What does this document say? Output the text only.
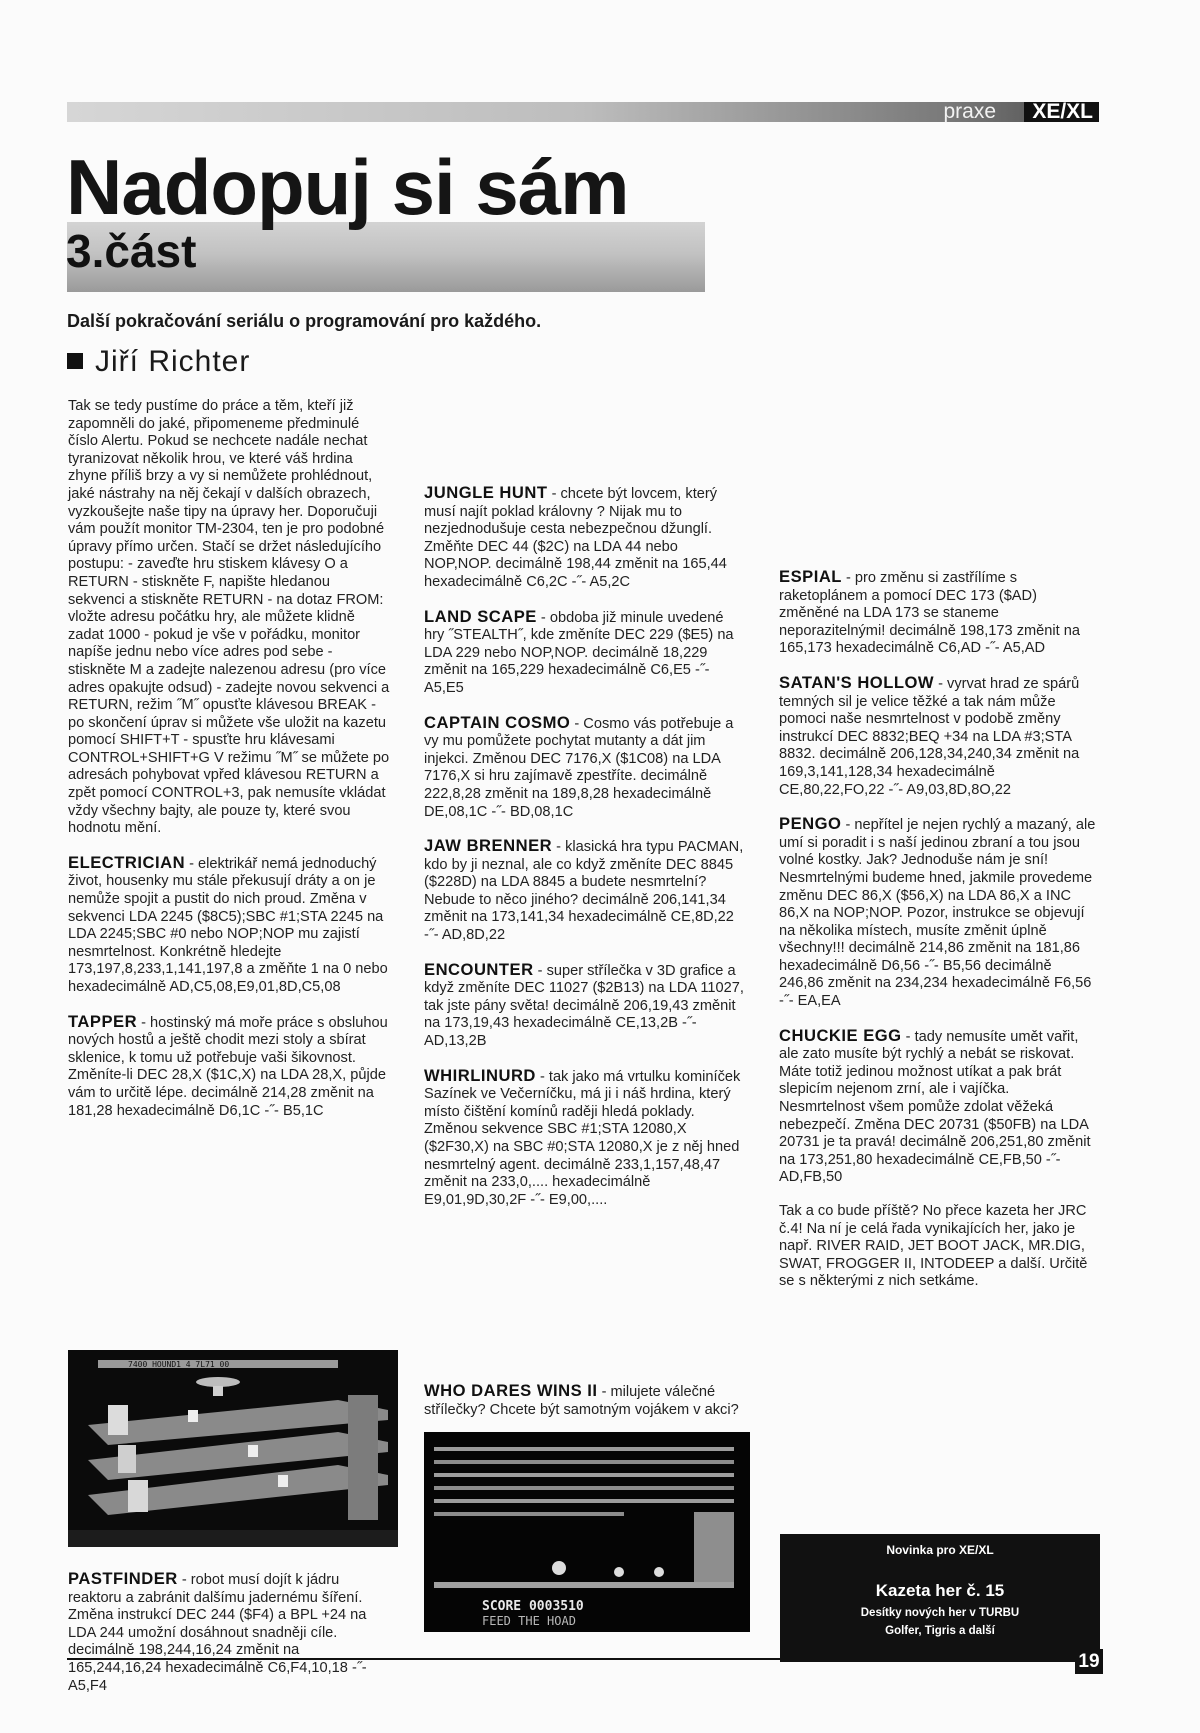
praxe	XE/XL
Nadopuj si sám
3.část
Další pokračování seriálu o programování pro každého.
Jiří Richter

Tak se tedy pustíme do práce a těm, kteří již zapomněli do jaké, připomeneme předminulé číslo Alertu. Pokud se nechcete nadále nechat tyranizovat několik hrou, ve které váš hrdina zhyne příliš brzy a vy si nemůžete prohlédnout, jaké nástrahy na něj čekají v dalších obrazech, vyzkoušejte naše tipy na úpravy her. Doporučuji vám použít monitor TM-2304, ten je pro podobné úpravy přímo určen. Stačí se držet následujícího postupu: - zaveďte hru stiskem klávesy O a RETURN - stiskněte F, napište hledanou sekvenci a stiskněte RETURN - na dotaz FROM: vložte adresu počátku hry, ale můžete klidně zadat 1000 - pokud je vše v pořádku, monitor napíše jednu nebo více adres pod sebe - stiskněte M a zadejte nalezenou adresu (pro více adres opakujte odsud) - zadejte novou sekvenci a RETURN, režim ˝M˝ opusťte klávesou BREAK - po skončení úprav si můžete vše uložit na kazetu pomocí SHIFT+T - spusťte hru klávesami CONTROL+SHIFT+G V režimu ˝M˝ se můžete po adresách pohybovat vpřed klávesou RETURN a zpět pomocí CONTROL+3, pak nemusíte vkládat vždy všechny bajty, ale pouze ty, které svou hodnotu mění.

ELECTRICIAN - elektrikář nemá jednoduchý život, housenky mu stále překusují dráty a on je nemůže spojit a pustit do nich proud. Změna v sekvenci LDA 2245 ($8C5);SBC #1;STA 2245 na LDA 2245;SBC #0 nebo NOP;NOP mu zajistí nesmrtelnost. Konkrétně hledejte 173,197,8,233,1,141,197,8 a změňte 1 na 0 nebo hexadecimálně AD,C5,08,E9,01,8D,C5,08

TAPPER - hostinský má moře práce s obsluhou nových hostů a ještě chodit mezi stoly a sbírat sklenice, k tomu už potřebuje vaši šikovnost. Změníte-li DEC 28,X ($1C,X) na LDA 28,X, půjde vám to určitě lépe. decimálně 214,28 změnit na 181,28 hexadecimálně D6,1C -˝- B5,1C

7400 HOUND1 4 7L71 00

PASTFINDER - robot musí dojít k jádru reaktoru a zabránit dalšímu jadernému šíření. Změna instrukcí DEC 244 ($F4) a BPL +24 na LDA 244 umožní dosáhnout snadněji cíle. decimálně 198,244,16,24 změnit na 165,244,16,24 hexadecimálně C6,F4,10,18 -˝- A5,F4

JUNGLE HUNT - chcete být lovcem, který musí najít poklad královny ? Nijak mu to nezjednodušuje cesta nebezpečnou džunglí. Změňte DEC 44 ($2C) na LDA 44 nebo NOP,NOP. decimálně 198,44 změnit na 165,44 hexadecimálně C6,2C -˝- A5,2C

LAND SCAPE - obdoba již minule uvedené hry ˝STEALTH˝, kde změníte DEC 229 ($E5) na LDA 229 nebo NOP,NOP. decimálně 18,229 změnit na 165,229 hexadecimálně C6,E5 -˝- A5,E5

CAPTAIN COSMO - Cosmo vás potřebuje a vy mu pomůžete pochytat mutanty a dát jim injekci. Změnou DEC 7176,X ($1C08) na LDA 7176,X si hru zajímavě zpestříte. decimálně 222,8,28 změnit na 189,8,28 hexadecimálně DE,08,1C -˝- BD,08,1C

JAW BRENNER - klasická hra typu PACMAN, kdo by ji neznal, ale co když změníte DEC 8845 ($228D) na LDA 8845 a budete nesmrtelní? Nebude to něco jiného? decimálně 206,141,34 změnit na 173,141,34 hexadecimálně CE,8D,22 -˝- AD,8D,22

ENCOUNTER - super střílečka v 3D grafice a když změníte DEC 11027 ($2B13) na LDA 11027, tak jste pány světa! decimálně 206,19,43 změnit na 173,19,43 hexadecimálně CE,13,2B -˝- AD,13,2B

WHIRLINURD - tak jako má vrtulku kominíček Sazínek ve Večerníčku, má ji i náš hrdina, který místo čištění komínů raději hledá poklady. Změnou sekvence SBC #1;STA 12080,X ($2F30,X) na SBC #0;STA 12080,X je z něj hned nesmrtelný agent. decimálně 233,1,157,48,47 změnit na 233,0,.... hexadecimálně E9,01,9D,30,2F -˝- E9,00,....

SCORE 0003510
FEED THE HOAD

WHO DARES WINS II - milujete válečné střílečky? Chcete být samotným vojákem v akci?

ESPIAL - pro změnu si zastřílíme s raketoplánem a pomocí DEC 173 ($AD) změněné na LDA 173 se staneme neporazitelnými! decimálně 198,173 změnit na 165,173 hexadecimálně C6,AD -˝- A5,AD

SATAN'S HOLLOW - vyrvat hrad ze spárů temných sil je velice těžké a tak nám může pomoci naše nesmrtelnost v podobě změny instrukcí DEC 8832;BEQ +34 na LDA #3;STA 8832. decimálně 206,128,34,240,34 změnit na 169,3,141,128,34 hexadecimálně CE,80,22,FO,22 -˝- A9,03,8D,8O,22

PENGO - nepřítel je nejen rychlý a mazaný, ale umí si poradit i s naší jedinou zbraní a tou jsou volné kostky. Jak? Jednoduše nám je sní! Nesmrtelnými budeme hned, jakmile provedeme změnu DEC 86,X ($56,X) na LDA 86,X a INC 86,X na NOP;NOP. Pozor, instrukce se objevují na několika místech, musíte změnit úplně všechny!!! decimálně 214,86 změnit na 181,86 hexadecimálně D6,56 -˝- B5,56 decimálně 246,86 změnit na 234,234 hexadecimálně F6,56 -˝- EA,EA

CHUCKIE EGG - tady nemusíte umět vařit, ale zato musíte být rychlý a nebát se riskovat. Máte totiž jedinou možnost utíkat a pak brát slepicím nejenom zrní, ale i vajíčka. Nesmrtelnost všem pomůže zdolat věžeká nebezpečí. Změna DEC 20731 ($50FB) na LDA 20731 je ta pravá! decimálně 206,251,80 změnit na 173,251,80 hexadecimálně CE,FB,50 -˝- AD,FB,50

Tak a co bude příště? No přece kazeta her JRC č.4! Na ní je celá řada vynikajících her, jako je např. RIVER RAID, JET BOOT JACK, MR.DIG, SWAT, FROGGER II, INTODEEP a další. Určitě se s některými z nich setkáme.

Novinka pro XE/XL
Kazeta her č. 15
Desítky nových her v TURBU
Golfer, Tigris a další
19
